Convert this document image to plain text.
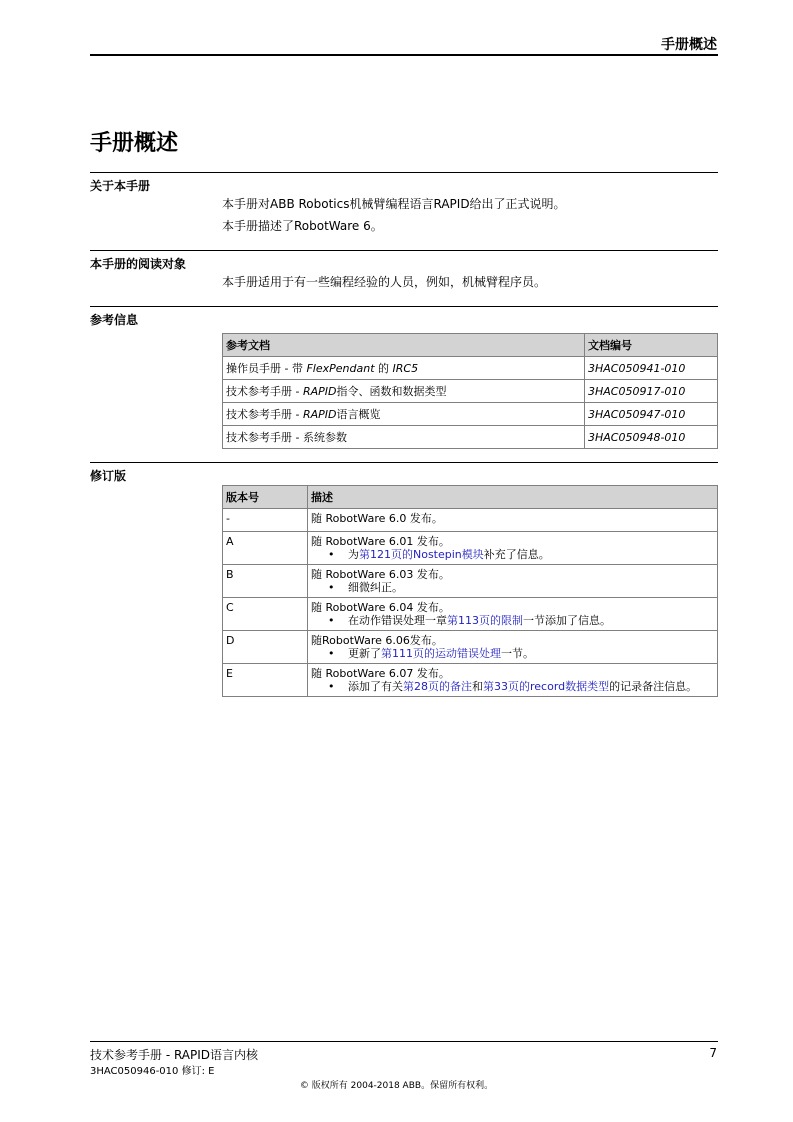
手册概述
手册概述
关于本手册
本手册对ABB Robotics机械臂编程语言RAPID给出了正式说明。
本手册描述了RobotWare 6。
本手册的阅读对象
本手册适用于有一些编程经验的人员，例如，机械臂程序员。
参考信息
参考文档	文档编号
操作员手册 - 带 FlexPendant 的 IRC5	3HAC050941-010
技术参考手册 - RAPID指令、函数和数据类型	3HAC050917-010
技术参考手册 - RAPID语言概览	3HAC050947-010
技术参考手册 - 系统参数	3HAC050948-010
修订版
版本号	描述
-	随 RobotWare 6.0 发布。
A	随 RobotWare 6.01 发布。
• 为第121页的Nostepin模块补充了信息。

B	随 RobotWare 6.03 发布。
• 细微纠正。

C	随 RobotWare 6.04 发布。
• 在动作错误处理一章第113页的限制一节添加了信息。

D	随RobotWare 6.06发布。
• 更新了第111页的运动错误处理一节。

E	随 RobotWare 6.07 发布。
• 添加了有关第28页的备注和第33页的record数据类型的记录备注信息。
技术参考手册 - RAPID语言内核	7
3HAC050946-010 修订: E
© 版权所有 2004-2018 ABB。保留所有权利。
